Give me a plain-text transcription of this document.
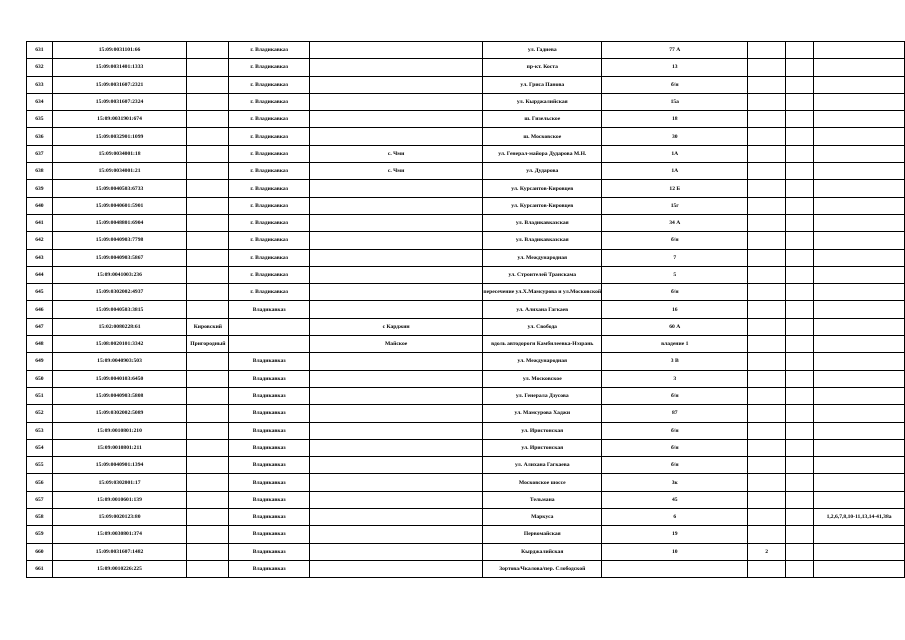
631	15:09:0031101:66		г. Владикавказ		ул. Гадиева	77 А			
632	15:09:0031401:1333		г. Владикавказ		пр-кт. Коста	13			
633	15:09:0031607:2321		г. Владикавказ		ул. Гриса Панова	б/н			
634	15:09:0031607:2324		г. Владикавказ		ул. Кырджалийская	15а			
635	15:09:0031901:674		г. Владикавказ		ш. Гизельское	18			
636	15:09:0032901:1099		г. Владикавказ		ш. Московское	30			
637	15:09:0034001:18		г. Владикавказ	с. Чми	ул. Генерал-майора Дударова М.Н.	1А			
638	15:09:0034001:21		г. Владикавказ	с. Чми	ул. Дударова	1А			
639	15:09:0040503:6733		г. Владикавказ		ул. Курсантов-Кировцев	12 Б			
640	15:09:0040601:5901		г. Владикавказ		ул. Курсантов-Кировцев	15г			
641	15:09:0048801:6904		г. Владикавказ		ул. Владикавказская	34 А			
642	15:09:0040903:7798		г. Владикавказ		ул. Владикавказская	б/н			
643	15:09:0040903:5867		г. Владикавказ		ул. Международная	7			
644	15:09:0041003:236		г. Владикавказ		ул. Строителей Транскама	5			
645	15:09:0302002:4937		г. Владикавказ		пересечение ул.Х.Мамсурова и ул.Московской	б/н			
646	15:09:0040503:3815		Владикавказ		ул. Алихана Гагкаев	16			
647	15:02:0080228:61	Кировский		с Карджин	ул. Свобода	60 А			
648	15:08:0020101:3342	Пригородный		Майское	вдоль автодороги Камбилеевка-Нэзрань	владение 1			
649	15:09:0040903:503		Владикавказ		ул. Международная	3 В			
650	15:09:0040103:6450		Владикавказ		ул. Московское	3			
651	15:09:0040903:5808		Владикавказ		ул. Генерала Дзусова	б/н			
652	15:09:0302002:5089		Владикавказ		ул. Мамсурова Хаджи	87			
653	15:09:0010801:210		Владикавказ		ул. Иристонская	б/н			
654	15:09:0010801:211		Владикавказ		ул. Иристонская	б/н			
655	15:09:0040901:1394		Владикавказ		ул. Алихана Гагкаева	б/н			
656	15:09:0302001:17		Владикавказ		Московское шоссе	3к			
657	15:09:0010601:139		Владикавказ		Тельмана	45			
658	15:09:0020123:80		Владикавказ		Маркуса	6			1,2,6,7,8,10-11,13,14-41,38а
659	15:09:0030801:374		Владикавказ		Первомайская	19			
660	15:09:0031607:1482		Владикавказ		Кырджалийская	10	2		
661	15:09:0010226:225		Владикавказ		Зортова/Чкалова/пер. Слободской				
